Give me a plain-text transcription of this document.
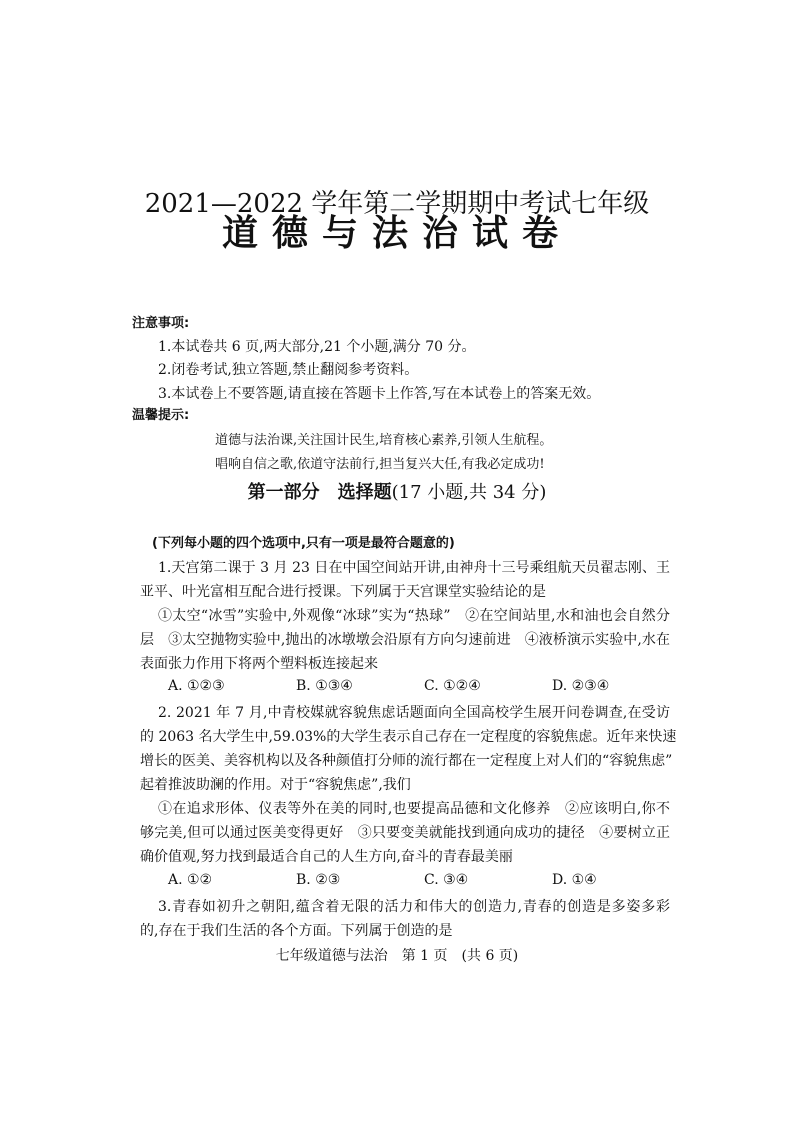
2021—2022 学年第二学期期中考试七年级
道德与法治试卷
注意事项:
1.本试卷共 6 页,两大部分,21 个小题,满分 70 分。
2.闭卷考试,独立答题,禁止翻阅参考资料。
3.本试卷上不要答题,请直接在答题卡上作答,写在本试卷上的答案无效。
温馨提示:
道德与法治课,关注国计民生,培育核心素养,引领人生航程。
唱响自信之歌,依道守法前行,担当复兴大任,有我必定成功!
第一部分　选择题(17 小题,共 34 分)
(下列每小题的四个选项中,只有一项是最符合题意的)
1.天宫第二课于 3 月 23 日在中国空间站开讲,由神舟十三号乘组航天员翟志刚、王
亚平、叶光富相互配合进行授课。下列属于天宫课堂实验结论的是
①太空“冰雪”实验中,外观像“冰球”实为“热球”　②在空间站里,水和油也会自然分
层　③太空抛物实验中,抛出的冰墩墩会沿原有方向匀速前进　④液桥演示实验中,水在
表面张力作用下将两个塑料板连接起来
A. ①②③	B. ①③④	C. ①②④	D. ②③④
2. 2021 年 7 月,中青校媒就容貌焦虑话题面向全国高校学生展开问卷调查,在受访
的 2063 名大学生中,59.03%的大学生表示自己存在一定程度的容貌焦虑。近年来快速
增长的医美、美容机构以及各种颜值打分师的流行都在一定程度上对人们的“容貌焦虑”
起着推波助澜的作用。对于“容貌焦虑”,我们
①在追求形体、仪表等外在美的同时,也要提高品德和文化修养　②应该明白,你不
够完美,但可以通过医美变得更好　③只要变美就能找到通向成功的捷径　④要树立正
确价值观,努力找到最适合自己的人生方向,奋斗的青春最美丽
A. ①②	B. ②③	C. ③④	D. ①④
3.青春如初升之朝阳,蕴含着无限的活力和伟大的创造力,青春的创造是多姿多彩
的,存在于我们生活的各个方面。下列属于创造的是
七年级道德与法治　第 1 页　(共 6 页)
